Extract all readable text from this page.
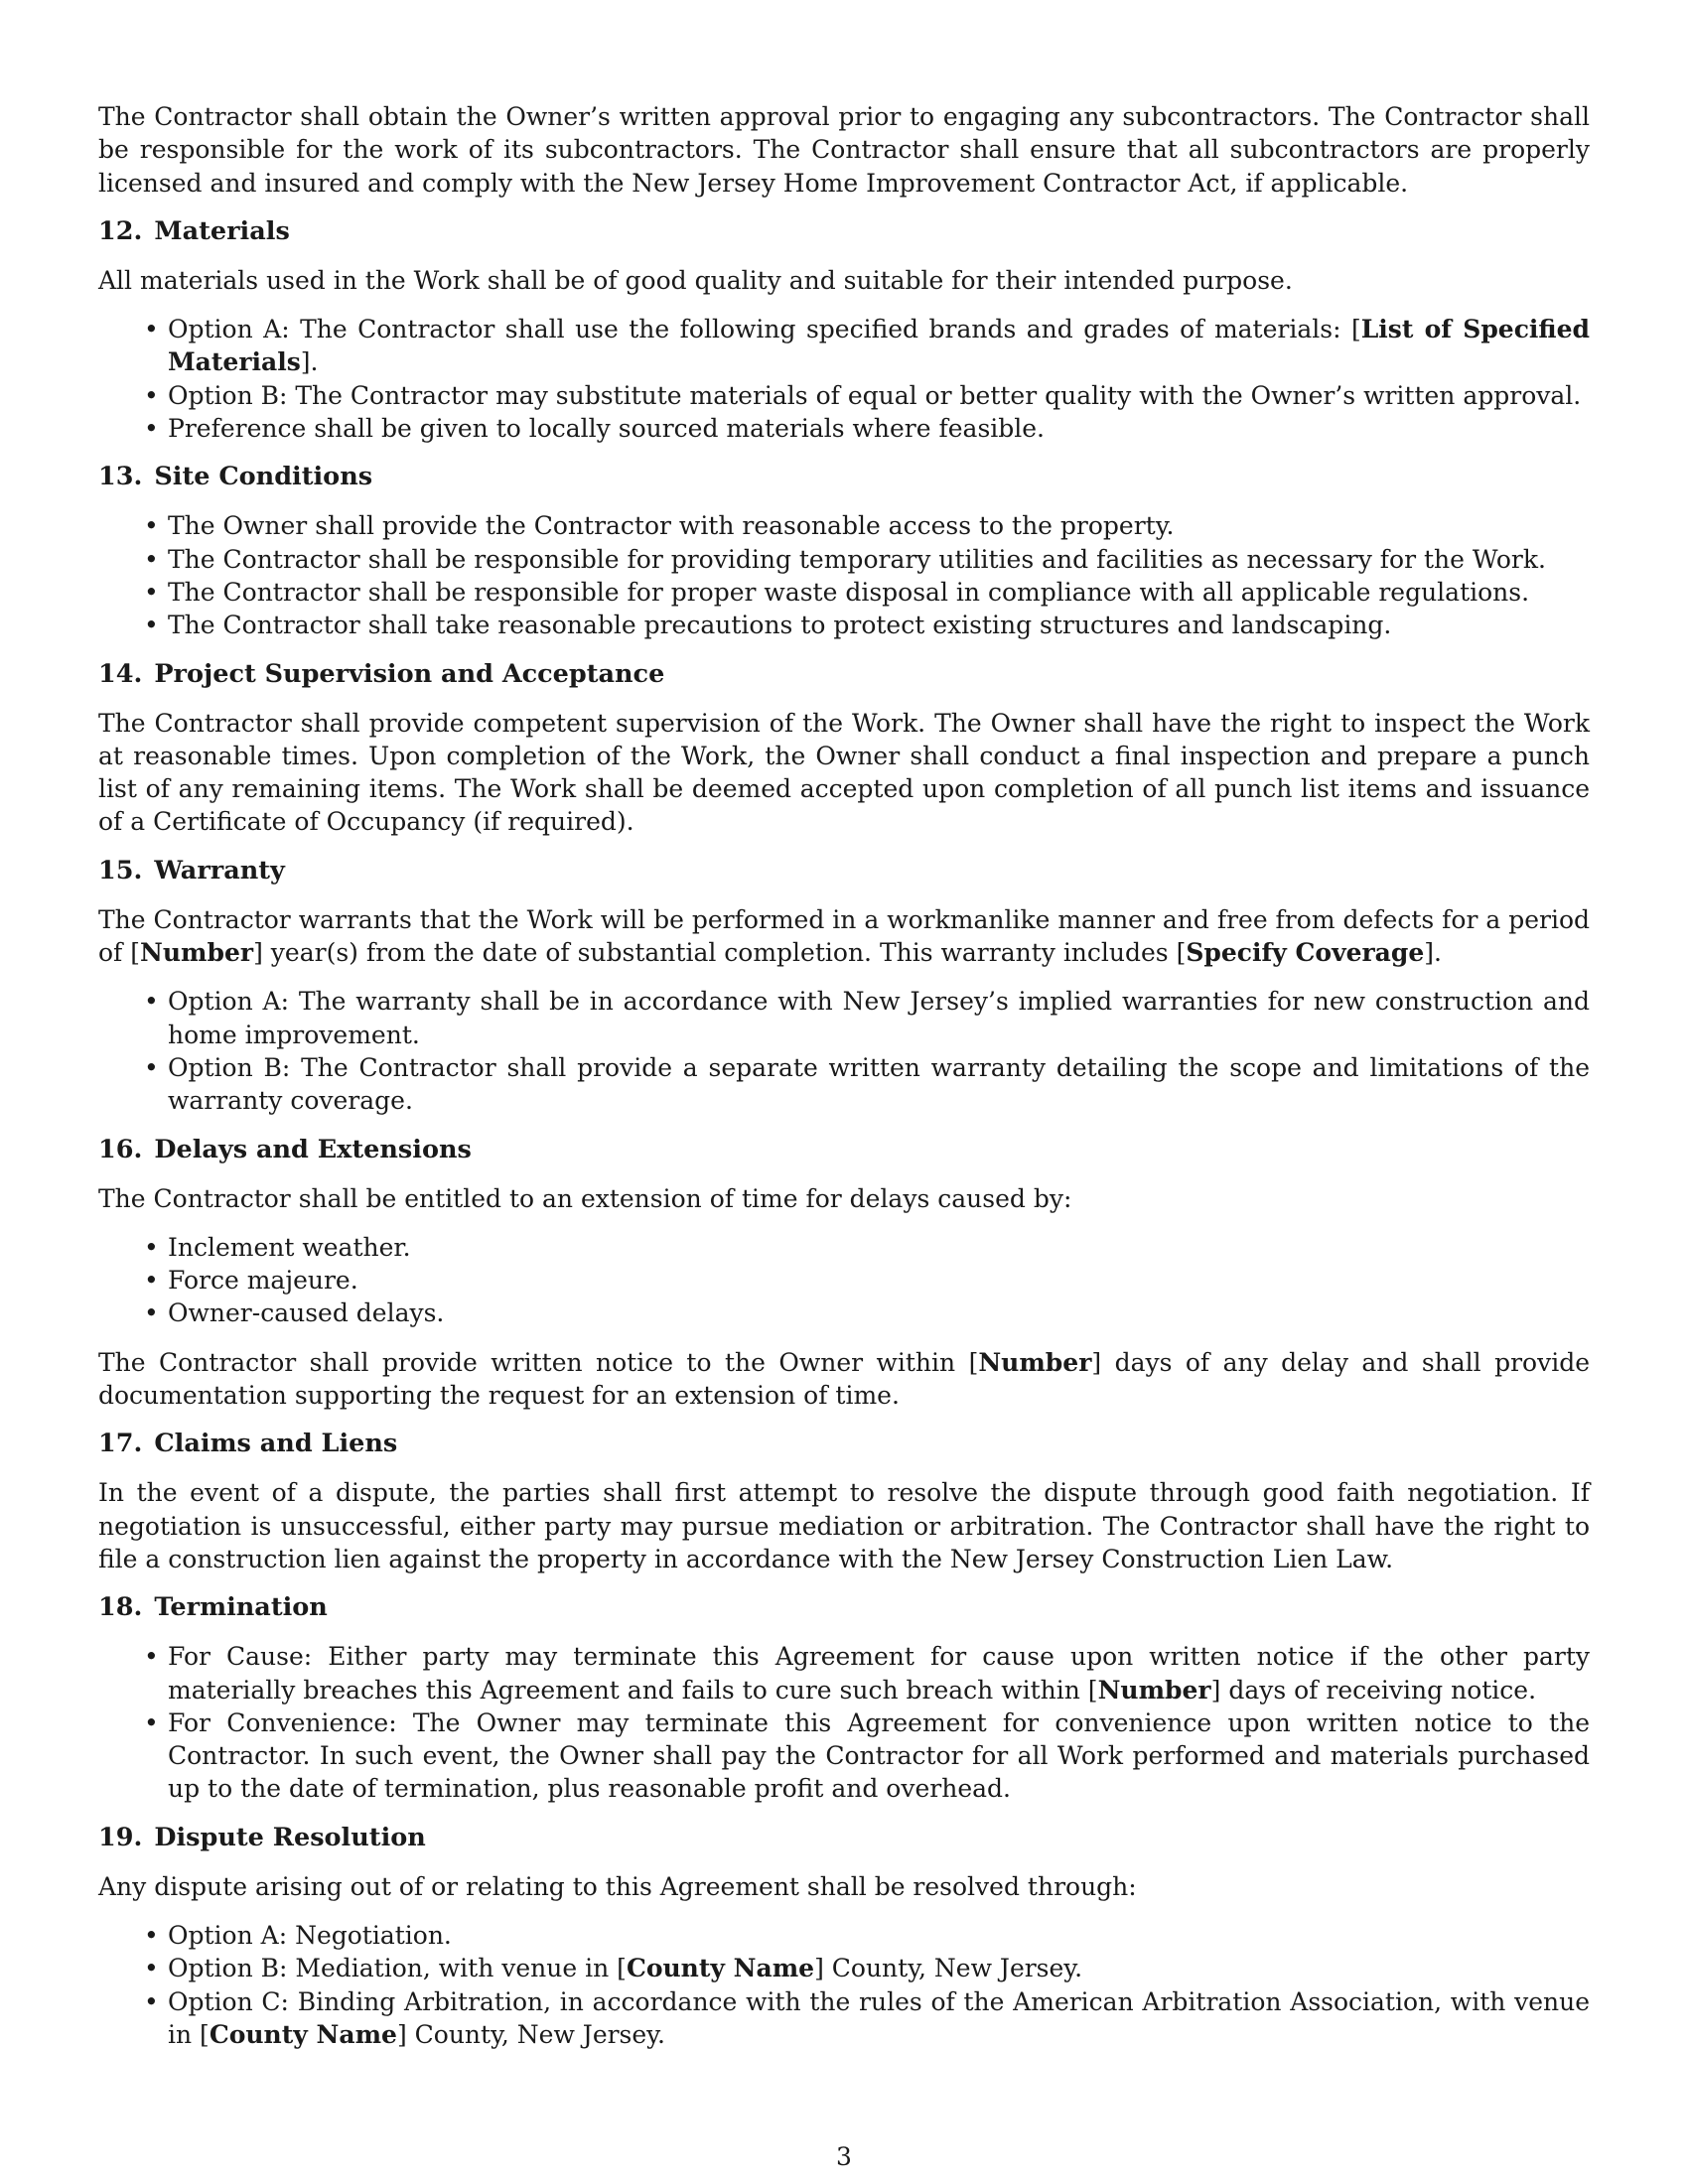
The Contractor shall obtain the Owner’s written approval prior to engaging any subcontractors. The Contractor shall be responsible for the work of its subcontractors. The Contractor shall ensure that all subcontractors are properly licensed and insured and comply with the New Jersey Home Improvement Contractor Act, if applicable.

12. Materials

All materials used in the Work shall be of good quality and suitable for their intended purpose.

• Option A: The Contractor shall use the following specified brands and grades of materials: [List of Specified Materials].
• Option B: The Contractor may substitute materials of equal or better quality with the Owner’s written approval.
• Preference shall be given to locally sourced materials where feasible.
13. Site Conditions
• The Owner shall provide the Contractor with reasonable access to the property.
• The Contractor shall be responsible for providing temporary utilities and facilities as necessary for the Work.
• The Contractor shall be responsible for proper waste disposal in compliance with all applicable regulations.
• The Contractor shall take reasonable precautions to protect existing structures and landscaping.
14. Project Supervision and Acceptance

The Contractor shall provide competent supervision of the Work. The Owner shall have the right to inspect the Work at reasonable times. Upon completion of the Work, the Owner shall conduct a final inspection and prepare a punch list of any remaining items. The Work shall be deemed accepted upon completion of all punch list items and issuance of a Certificate of Occupancy (if required).

15. Warranty

The Contractor warrants that the Work will be performed in a workmanlike manner and free from defects for a period of [Number] year(s) from the date of substantial completion. This warranty includes [Specify Coverage].

• Option A: The warranty shall be in accordance with New Jersey’s implied warranties for new construction and home improvement.
• Option B: The Contractor shall provide a separate written warranty detailing the scope and limitations of the warranty coverage.
16. Delays and Extensions

The Contractor shall be entitled to an extension of time for delays caused by:

• Inclement weather.
• Force majeure.
• Owner-caused delays.

The Contractor shall provide written notice to the Owner within [Number] days of any delay and shall provide documentation supporting the request for an extension of time.

17. Claims and Liens

In the event of a dispute, the parties shall first attempt to resolve the dispute through good faith negotiation. If negotiation is unsuccessful, either party may pursue mediation or arbitration. The Contractor shall have the right to file a construction lien against the property in accordance with the New Jersey Construction Lien Law.

18. Termination
• For Cause: Either party may terminate this Agreement for cause upon written notice if the other party materially breaches this Agreement and fails to cure such breach within [Number] days of receiving notice.
• For Convenience: The Owner may terminate this Agreement for convenience upon written notice to the Contractor. In such event, the Owner shall pay the Contractor for all Work performed and materials purchased up to the date of termination, plus reasonable profit and overhead.
19. Dispute Resolution

Any dispute arising out of or relating to this Agreement shall be resolved through:

• Option A: Negotiation.
• Option B: Mediation, with venue in [County Name] County, New Jersey.
• Option C: Binding Arbitration, in accordance with the rules of the American Arbitration Association, with venue in [County Name] County, New Jersey.
3
